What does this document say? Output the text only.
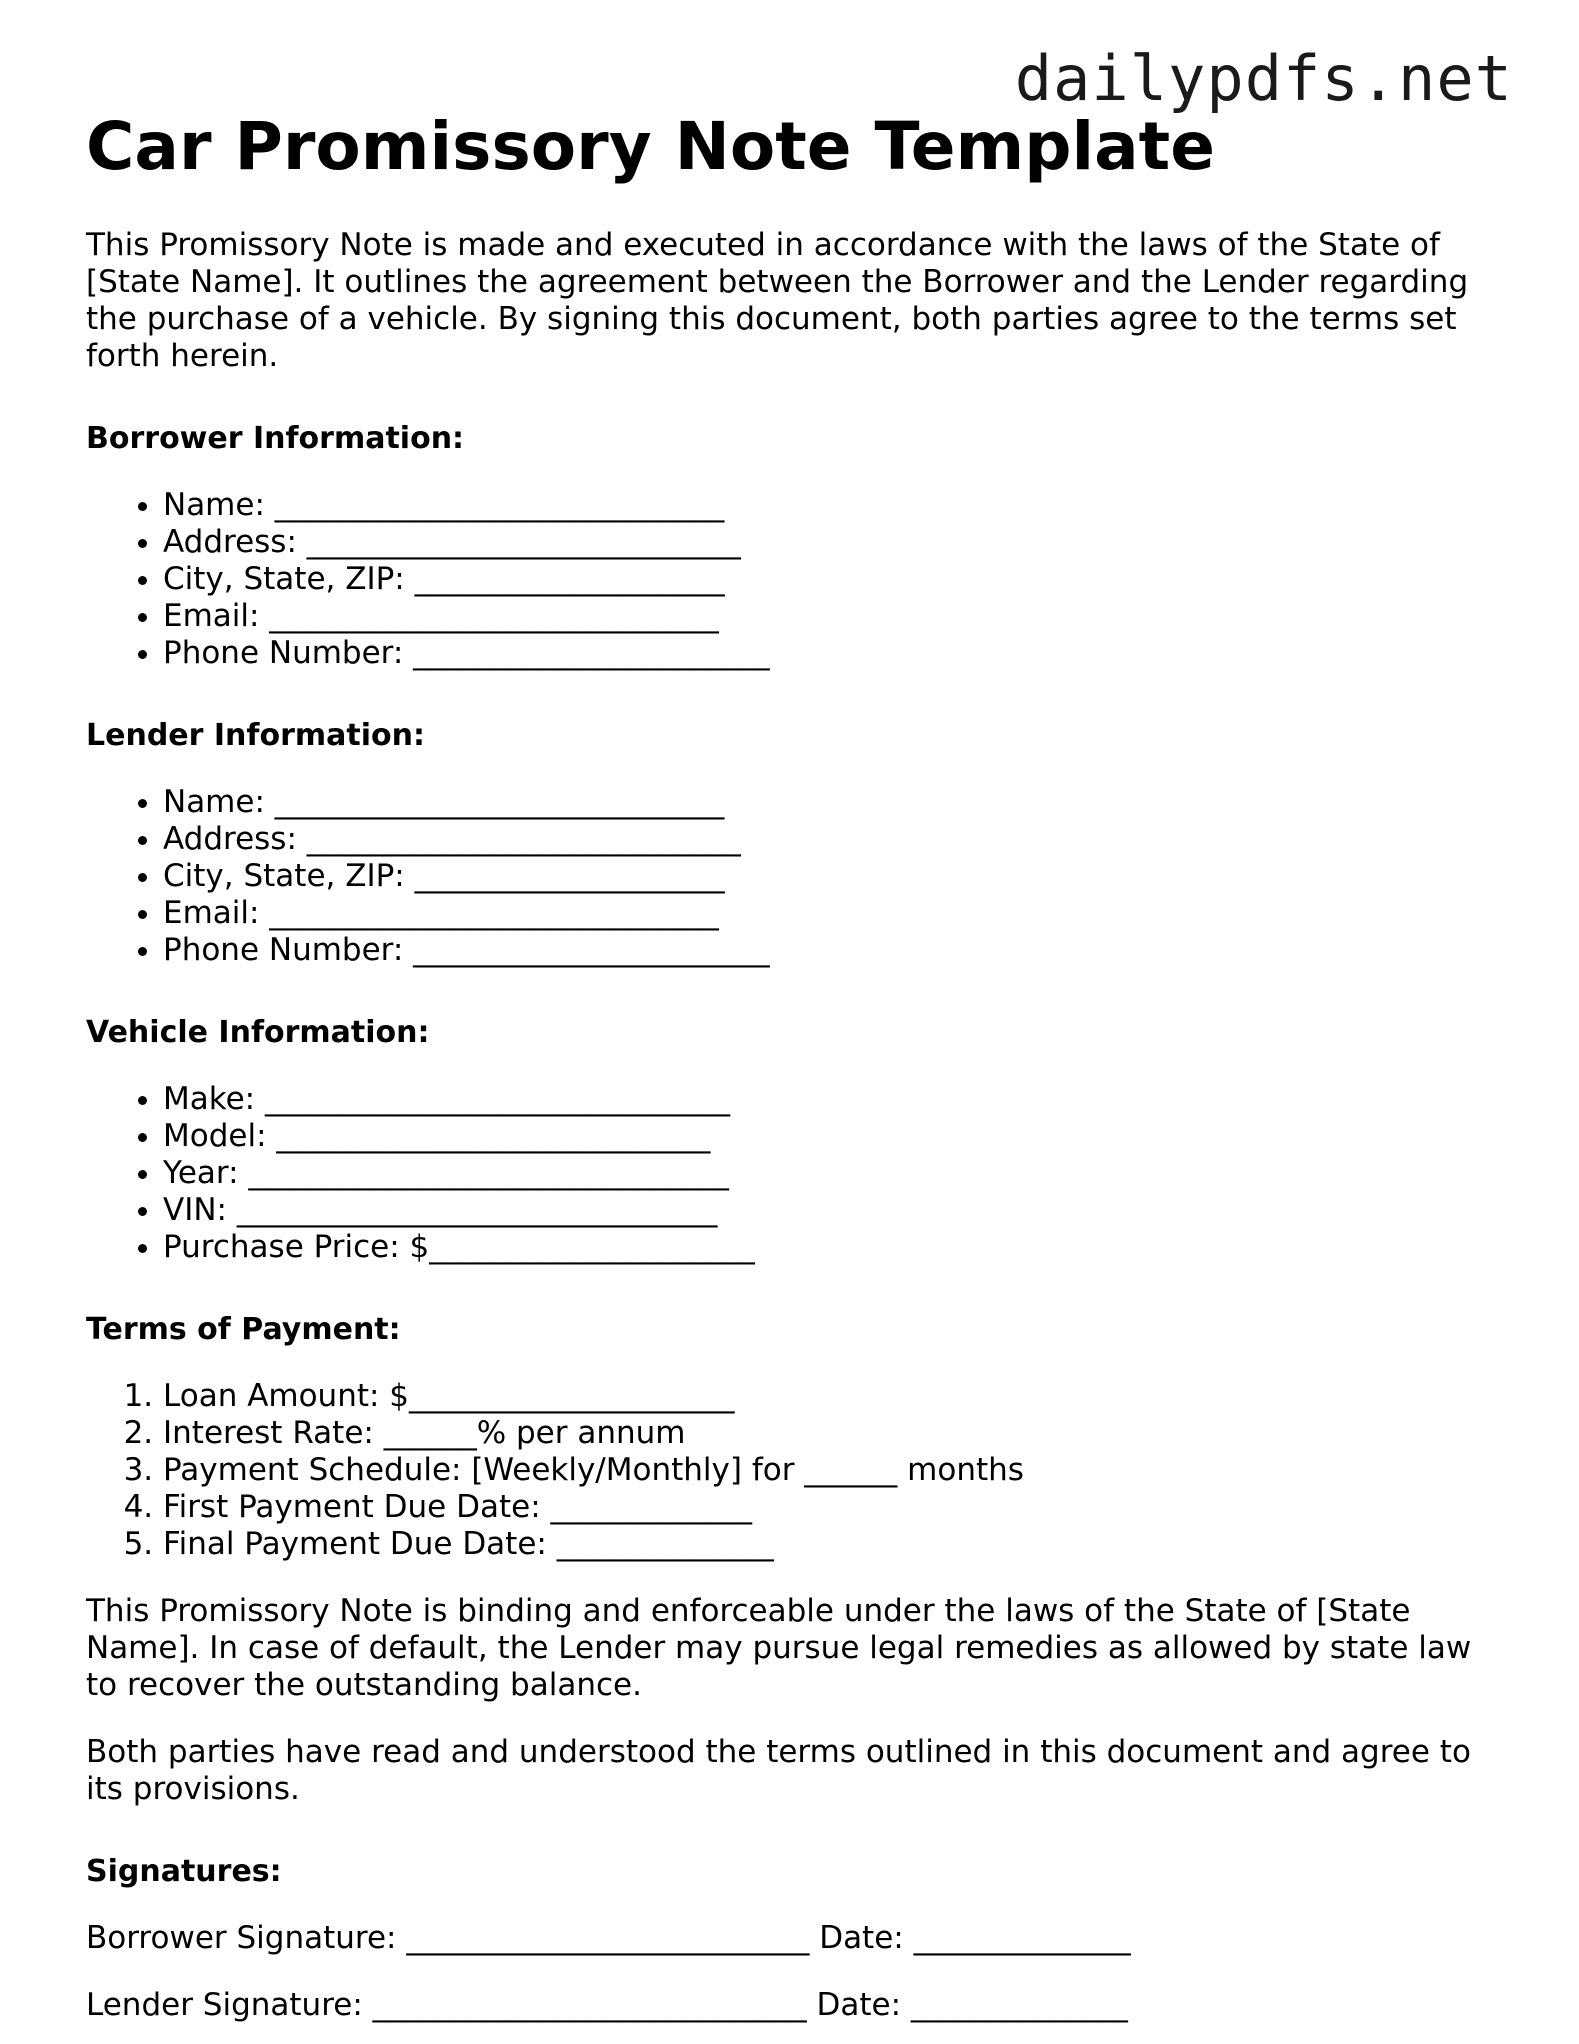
dailypdfs.net
Car Promissory Note Template

This Promissory Note is made and executed in accordance with the laws of the State of [State Name]. It outlines the agreement between the Borrower and the Lender regarding the purchase of a vehicle. By signing this document, both parties agree to the terms set forth herein.

Borrower Information:
• Name: _____________________________
• Address: ____________________________
• City, State, ZIP: ____________________
• Email: _____________________________
• Phone Number: _______________________
Lender Information:
• Name: _____________________________
• Address: ____________________________
• City, State, ZIP: ____________________
• Email: _____________________________
• Phone Number: _______________________
Vehicle Information:
• Make: ______________________________
• Model: ____________________________
• Year: _______________________________
• VIN: _______________________________
• Purchase Price: $_____________________
Terms of Payment:
1. Loan Amount: $_____________________
2. Interest Rate: ______% per annum
3. Payment Schedule: [Weekly/Monthly] for ______ months
4. First Payment Due Date: _____________
5. Final Payment Due Date: ______________

This Promissory Note is binding and enforceable under the laws of the State of [State Name]. In case of default, the Lender may pursue legal remedies as allowed by state law to recover the outstanding balance.

Both parties have read and understood the terms outlined in this document and agree to its provisions.

Signatures:
Borrower Signature: __________________________ Date: ______________
Lender Signature: ____________________________ Date: ______________
